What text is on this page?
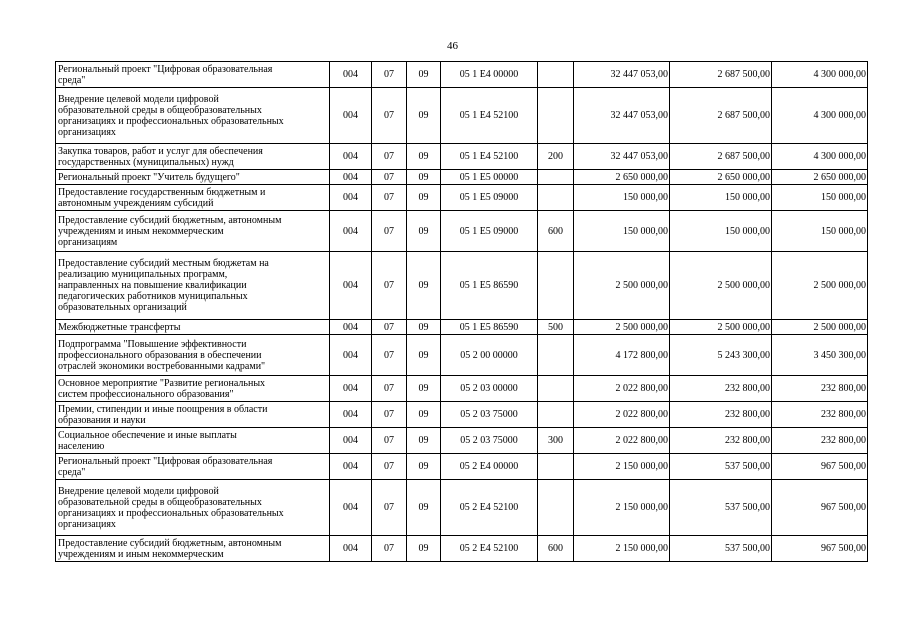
46
Региональный проект "Цифровая образовательная
среда"	004	07	09	05 1 E4 00000		32 447 053,00	2 687 500,00	4 300 000,00

Внедрение целевой модели цифровой
образовательной среды в общеобразовательных
организациях и профессиональных образовательных
организациях	004	07	09	05 1 E4 52100		32 447 053,00	2 687 500,00	4 300 000,00

Закупка товаров, работ и услуг для обеспечения
государственных (муниципальных) нужд	004	07	09	05 1 E4 52100	200	32 447 053,00	2 687 500,00	4 300 000,00

Региональный проект "Учитель будущего"	004	07	09	05 1 E5 00000		2 650 000,00	2 650 000,00	2 650 000,00

Предоставление государственным бюджетным и
автономным учреждениям субсидий	004	07	09	05 1 E5 09000		150 000,00	150 000,00	150 000,00

Предоставление субсидий бюджетным, автономным
учреждениям и иным некоммерческим
организациям	004	07	09	05 1 E5 09000	600	150 000,00	150 000,00	150 000,00

Предоставление субсидий местным бюджетам на
реализацию муниципальных программ,
направленных на повышение квалификации
педагогических работников муниципальных
образовательных организаций	004	07	09	05 1 E5 86590		2 500 000,00	2 500 000,00	2 500 000,00

Межбюджетные трансферты	004	07	09	05 1 E5 86590	500	2 500 000,00	2 500 000,00	2 500 000,00

Подпрограмма "Повышение эффективности
профессионального образования в обеспечении
отраслей экономики востребованными кадрами"	004	07	09	05 2 00 00000		4 172 800,00	5 243 300,00	3 450 300,00

Основное мероприятие "Развитие региональных
систем профессионального образования"	004	07	09	05 2 03 00000		2 022 800,00	232 800,00	232 800,00

Премии, стипендии и иные поощрения в области
образования и науки	004	07	09	05 2 03 75000		2 022 800,00	232 800,00	232 800,00

Социальное обеспечение и иные выплаты
населению	004	07	09	05 2 03 75000	300	2 022 800,00	232 800,00	232 800,00

Региональный проект "Цифровая образовательная
среда"	004	07	09	05 2 E4 00000		2 150 000,00	537 500,00	967 500,00

Внедрение целевой модели цифровой
образовательной среды в общеобразовательных
организациях и профессиональных образовательных
организациях	004	07	09	05 2 E4 52100		2 150 000,00	537 500,00	967 500,00

Предоставление субсидий бюджетным, автономным
учреждениям и иным некоммерческим	004	07	09	05 2 E4 52100	600	2 150 000,00	537 500,00	967 500,00
